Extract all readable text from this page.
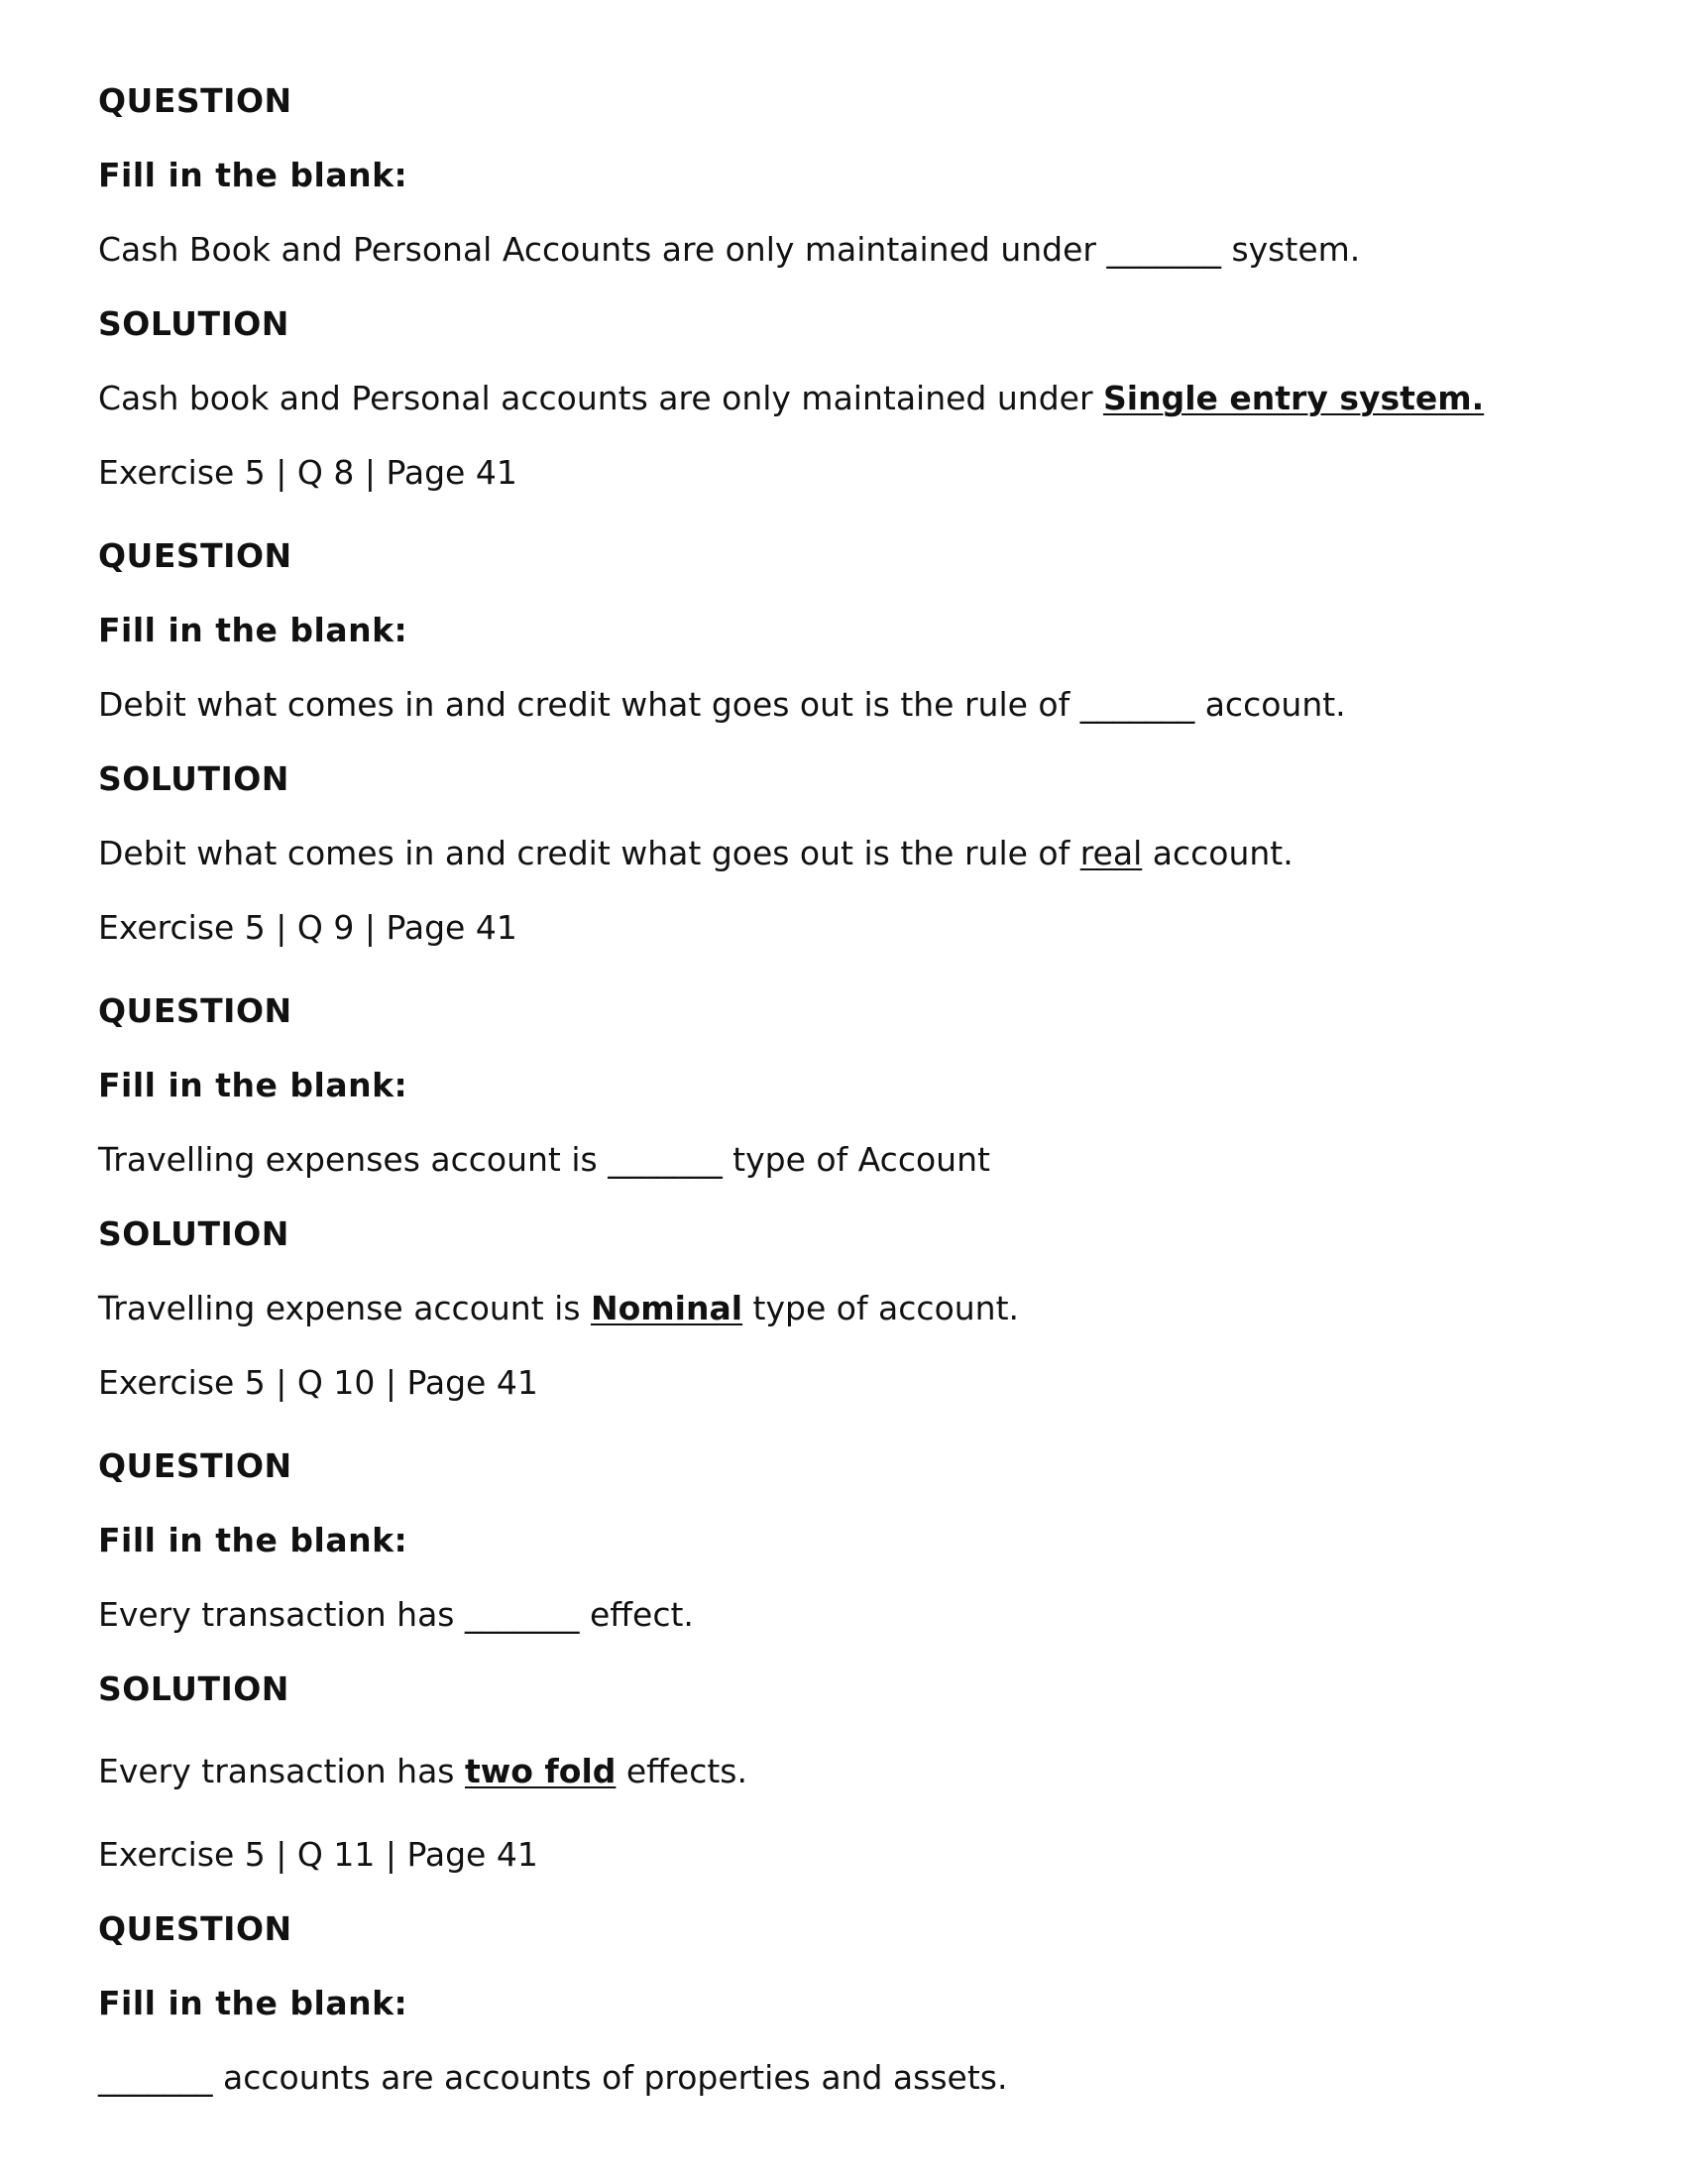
QUESTION
Fill in the blank:
Cash Book and Personal Accounts are only maintained under _______ system.
SOLUTION
Cash book and Personal accounts are only maintained under Single entry system.
Exercise 5 | Q 8 | Page 41
QUESTION
Fill in the blank:
Debit what comes in and credit what goes out is the rule of _______ account.
SOLUTION
Debit what comes in and credit what goes out is the rule of real account.
Exercise 5 | Q 9 | Page 41
QUESTION
Fill in the blank:
Travelling expenses account is _______ type of Account
SOLUTION
Travelling expense account is Nominal type of account.
Exercise 5 | Q 10 | Page 41
QUESTION
Fill in the blank:
Every transaction has _______ effect.
SOLUTION
Every transaction has two fold effects.
Exercise 5 | Q 11 | Page 41
QUESTION
Fill in the blank:
_______ accounts are accounts of properties and assets.
